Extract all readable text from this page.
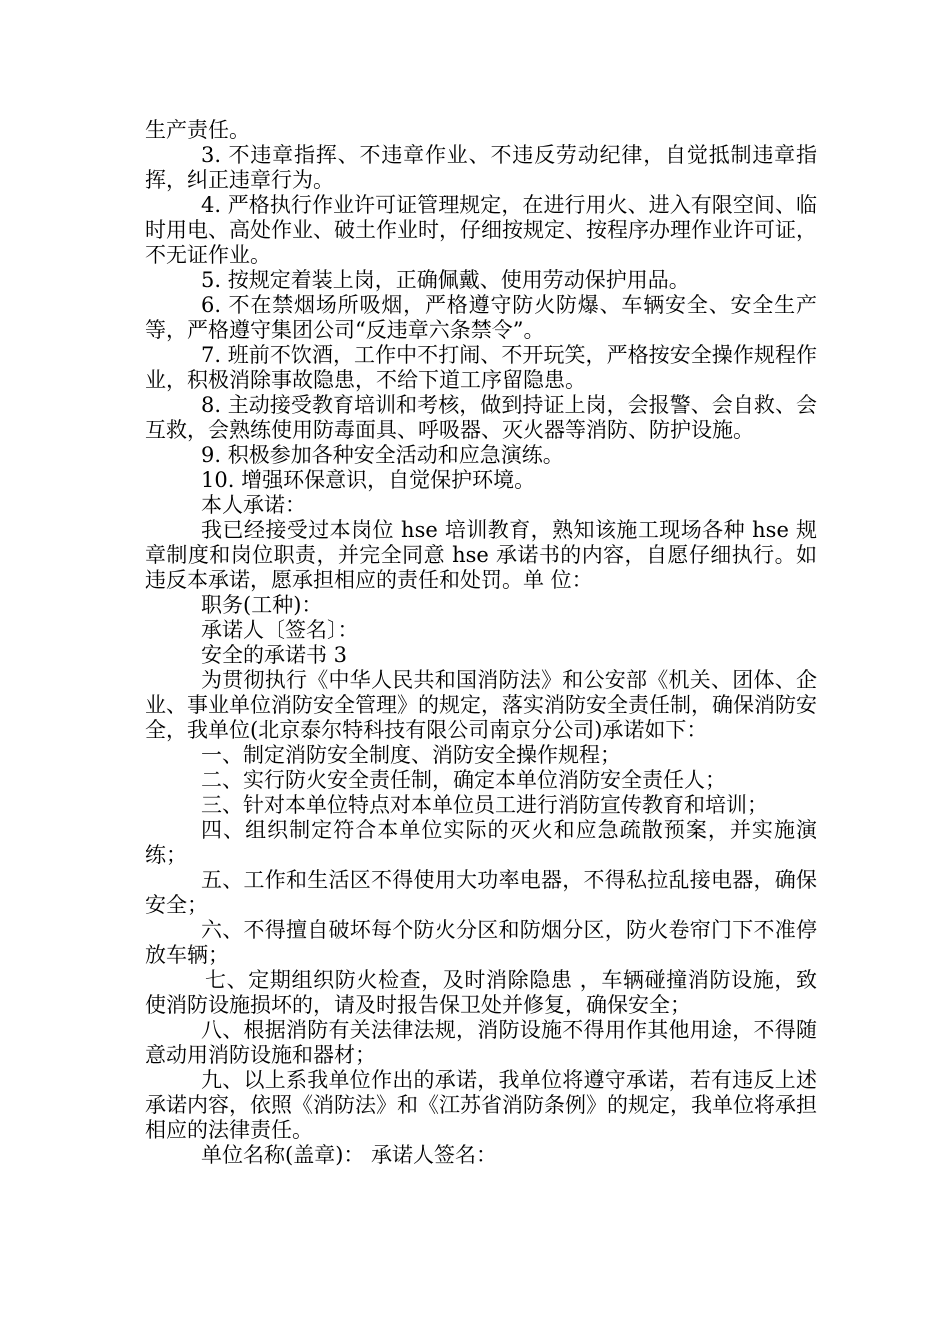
生产责任。

3. 不违章指挥、不违章作业、不违反劳动纪律，自觉抵制违章指挥，纠正违章行为。

4. 严格执行作业许可证管理规定，在进行用火、进入有限空间、临时用电、高处作业、破土作业时，仔细按规定、按程序办理作业许可证，不无证作业。

5. 按规定着装上岗，正确佩戴、使用劳动保护用品。

6. 不在禁烟场所吸烟，严格遵守防火防爆、车辆安全、安全生产等，严格遵守集团公司“反违章六条禁令”。

7. 班前不饮酒，工作中不打闹、不开玩笑，严格按安全操作规程作业，积极消除事故隐患，不给下道工序留隐患。

8. 主动接受教育培训和考核，做到持证上岗，会报警、会自救、会互救，会熟练使用防毒面具、呼吸器、灭火器等消防、防护设施。

9. 积极参加各种安全活动和应急演练。

10. 增强环保意识，自觉保护环境。

本人承诺：

我已经接受过本岗位 hse 培训教育，熟知该施工现场各种 hse 规章制度和岗位职责，并完全同意 hse 承诺书的内容，自愿仔细执行。如违反本承诺，愿承担相应的责任和处罚。单 位：

职务(工种)：

承诺人〔签名〕：

安全的承诺书 3

为贯彻执行《中华人民共和国消防法》和公安部《机关、团体、企业、事业单位消防安全管理》的规定，落实消防安全责任制，确保消防安全，我单位(北京泰尔特科技有限公司南京分公司)承诺如下：

一、制定消防安全制度、消防安全操作规程；

二、实行防火安全责任制，确定本单位消防安全责任人；

三、针对本单位特点对本单位员工进行消防宣传教育和培训；

四、组织制定符合本单位实际的灭火和应急疏散预案，并实施演练；

五、工作和生活区不得使用大功率电器，不得私拉乱接电器，确保安全；

六、不得擅自破坏每个防火分区和防烟分区，防火卷帘门下不准停放车辆；

七、定期组织防火检查，及时消除隐患 ，车辆碰撞消防设施，致使消防设施损坏的，请及时报告保卫处并修复，确保安全；

八、根据消防有关法律法规，消防设施不得用作其他用途，不得随意动用消防设施和器材；

九、以上系我单位作出的承诺，我单位将遵守承诺，若有违反上述承诺内容，依照《消防法》和《江苏省消防条例》的规定，我单位将承担相应的法律责任。

单位名称(盖章)： 承诺人签名：
